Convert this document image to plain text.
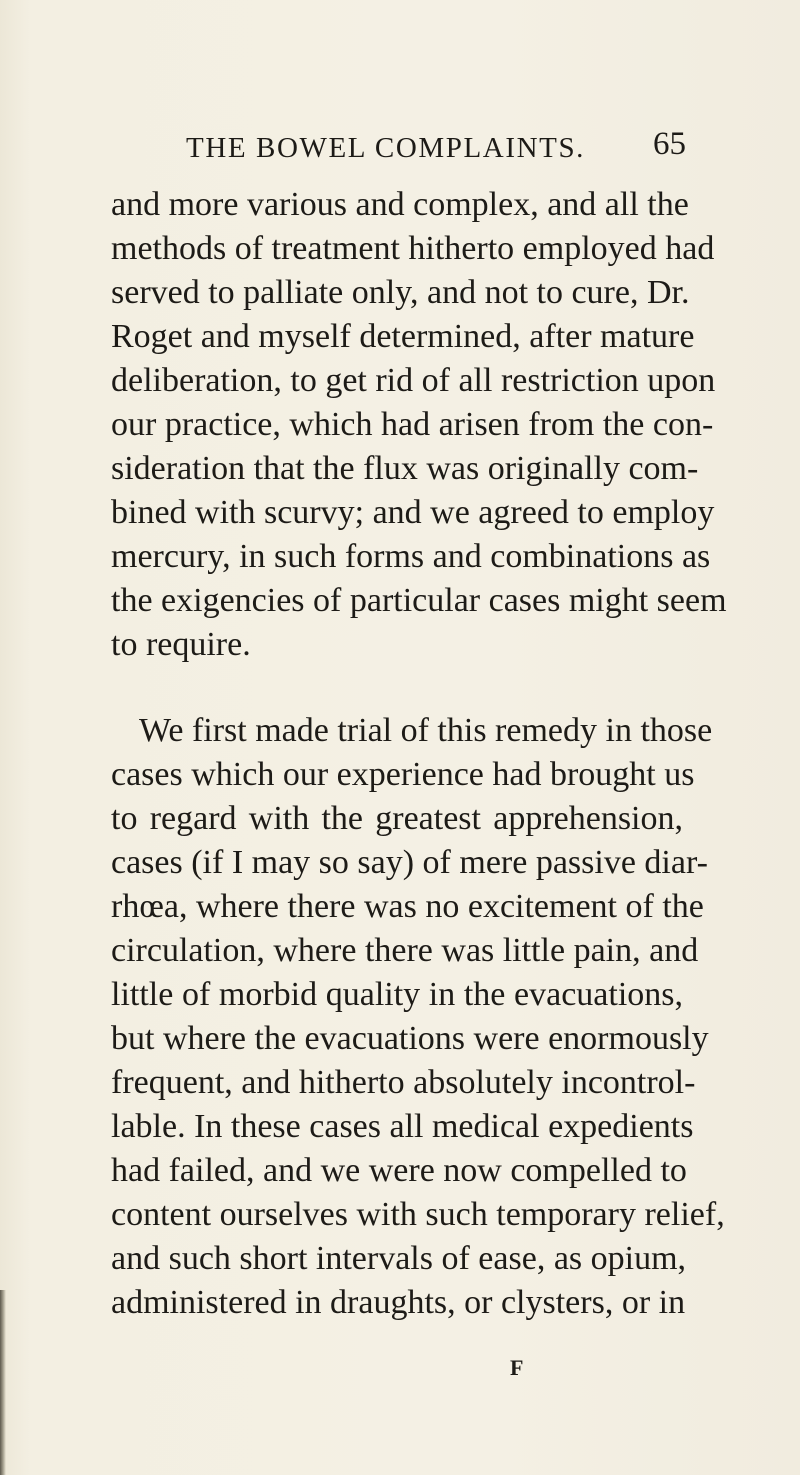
THE BOWEL COMPLAINTS. 65
and more various and complex, and all the
methods of treatment hitherto employed had
served to palliate only, and not to cure, Dr.
Roget and myself determined, after mature
deliberation, to get rid of all restriction upon
our practice, which had arisen from the con-
sideration that the flux was originally com-
bined with scurvy; and we agreed to employ
mercury, in such forms and combinations as
the exigencies of particular cases might seem
to require.
We first made trial of this remedy in those
cases which our experience had brought us
to regard with the greatest apprehension,
cases (if I may so say) of mere passive diar-
rhœa, where there was no excitement of the
circulation, where there was little pain, and
little of morbid quality in the evacuations,
but where the evacuations were enormously
frequent, and hitherto absolutely incontrol-
lable. In these cases all medical expedients
had failed, and we were now compelled to
content ourselves with such temporary relief,
and such short intervals of ease, as opium,
administered in draughts, or clysters, or in
F
